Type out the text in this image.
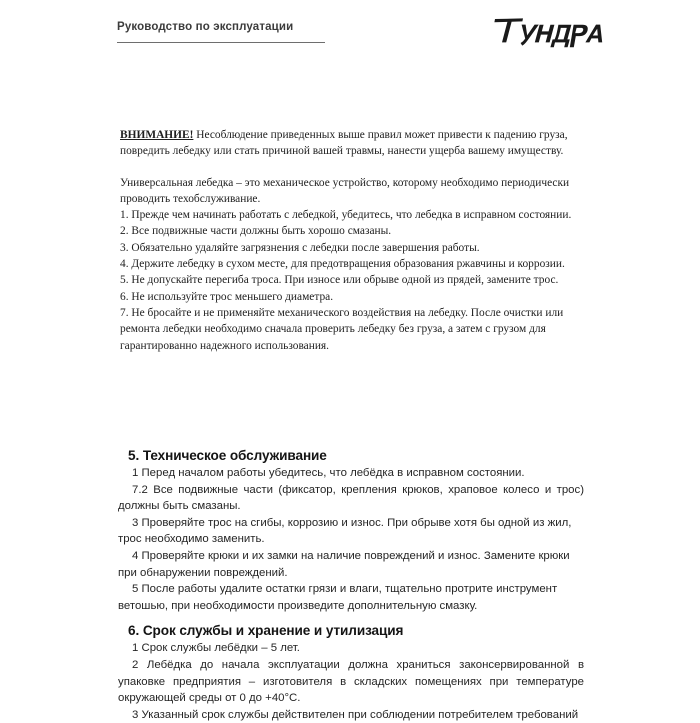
Руководство по эксплуатации

ВНИМАНИЕ! Несоблюдение приведенных выше правил может привести к падению груза, повредить лебедку или стать причиной вашей травмы, нанести ущерба вашему имуществу.

Универсальная лебедка – это механическое устройство, которому необходимо периодически проводить техобслуживание.

1. Прежде чем начинать работать с лебедкой, убедитесь, что лебедка в исправном состоянии.

2. Все подвижные части должны быть хорошо смазаны.

3. Обязательно удаляйте загрязнения с лебедки после завершения работы.

4. Держите лебедку в сухом месте, для предотвращения образования ржавчины и коррозии.

5. Не допускайте перегиба троса. При износе или обрыве одной из прядей, замените трос.

6. Не используйте трос меньшего диаметра.

7. Не бросайте и не применяйте механического воздействия на лебедку. После очистки или ремонта лебедки необходимо сначала проверить лебедку без груза, а затем с грузом для гарантированно надежного использования.

5. Техническое обслуживание

1 Перед началом работы убедитесь, что лебёдка в исправном состоянии.

7.2 Все подвижные части (фиксатор, крепления крюков, храповое колесо и трос) должны быть смазаны.

3 Проверяйте трос на сгибы, коррозию и износ. При обрыве хотя бы одной из жил, трос необходимо заменить.

4 Проверяйте крюки и их замки на наличие повреждений и износ. Замените крюки при обнаружении повреждений.

5 После работы удалите остатки грязи и влаги, тщательно протрите инструмент ветошью, при необходимости произведите дополнительную смазку.

6. Срок службы и хранение и утилизация

1 Срок службы лебёдки – 5 лет.

2 Лебёдка до начала эксплуатации должна храниться законсервированной в упаковке предприятия – изготовителя в складских помещениях при температуре окружающей среды от 0 до +40°С.

3 Указанный срок службы действителен при соблюдении потребителем требований
